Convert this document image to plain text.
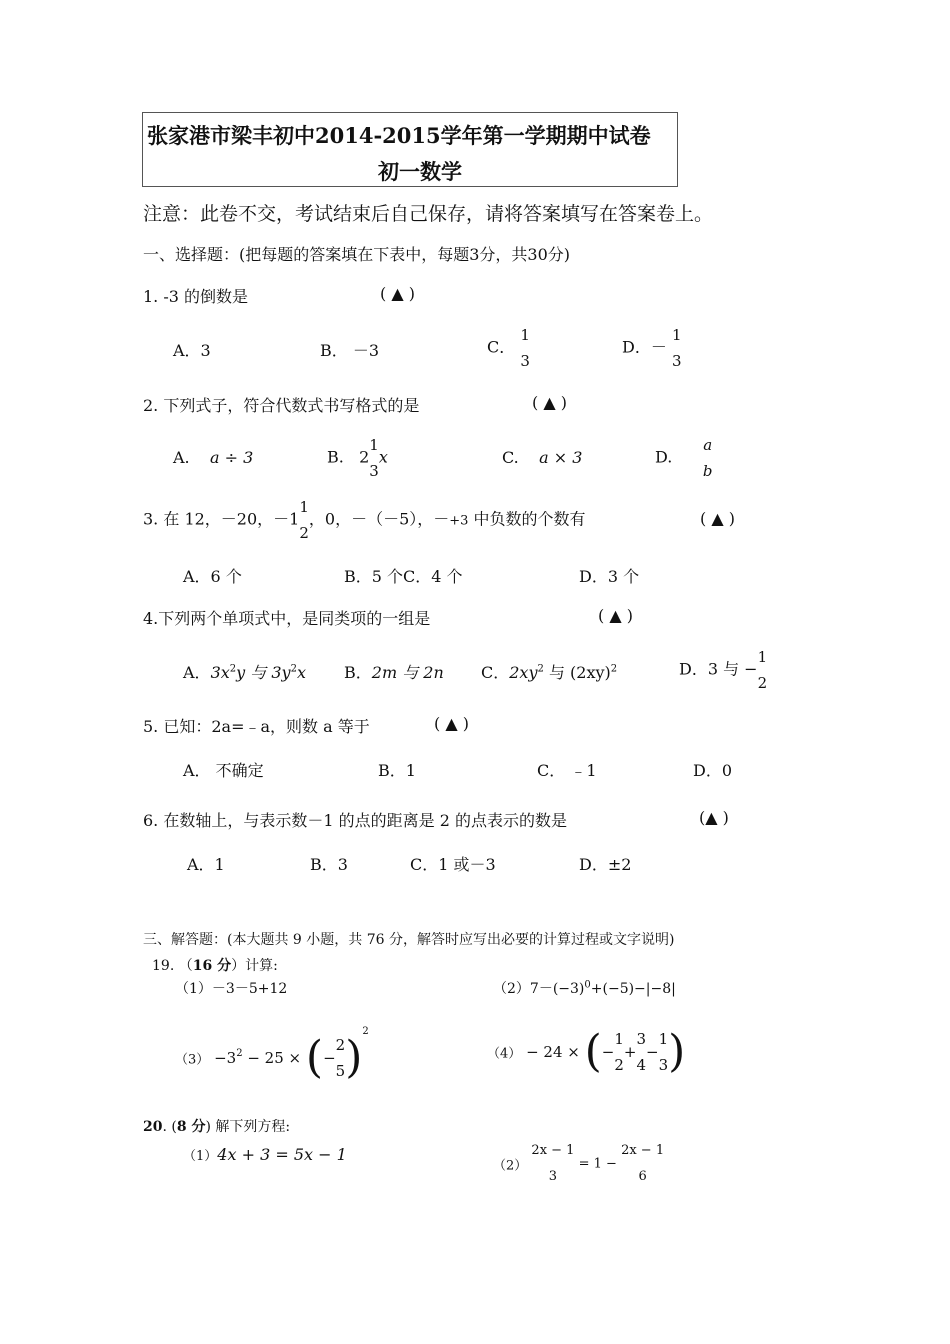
张家港市梁丰初中2014-2015学年第一学期期中试卷
初一数学
注意：此卷不交，考试结束后自己保存，请将答案填写在答案卷上。
一、选择题：(把每题的答案填在下表中，每题3分，共30分)
1. -3 的倒数是	( ▲ )
A．3	B． －3	C．
1
3
D．－
1
3
2. 下列式子，符合代数式书写格式的是	( ▲ )
A. a ÷ 3	B. 2
1
3
x	C. a × 3	D.
a
b
3. 在 12，－20，－1
1
2
，0，－（－5），－+3 中负数的个数有	( ▲ )
A．6 个	B．5 个C．4 个	D．3 个
4.下列两个单项式中，是同类项的一组是	( ▲ )
A．$3x^2y$ 与 $3y^2x$ B．2m 与 2n C．$2xy^2$ 与 $(2xy)^2$	D．3 与 −
1
2
5. 已知：2a=﹣a，则数 a 等于	( ▲ )
A． 不确定	B．1	C． ﹣1	D．0
6. 在数轴上，与表示数－1 的点的距离是 2 的点表示的数是	(▲ )
A．1	B．3	C．1 或－3	D．±2
三、解答题：(本大题共 9 小题，共 76 分，解答时应写出必要的计算过程或文字说明)
19. （16 分）计算:
（1）－3－5+12	$(2)7-(-3)^0+(-5)-|-8|$
$(3) -3^2 - 25$ × (−
2
5 )$^2$
（4） − 24 × (−
1
2
+
3
4
−
1
3 )
20. (8 分) 解下列方程:
（1）4x + 3 = 5x − 1
（2）
2x − 1
3
= 1 −
2x − 1
6
